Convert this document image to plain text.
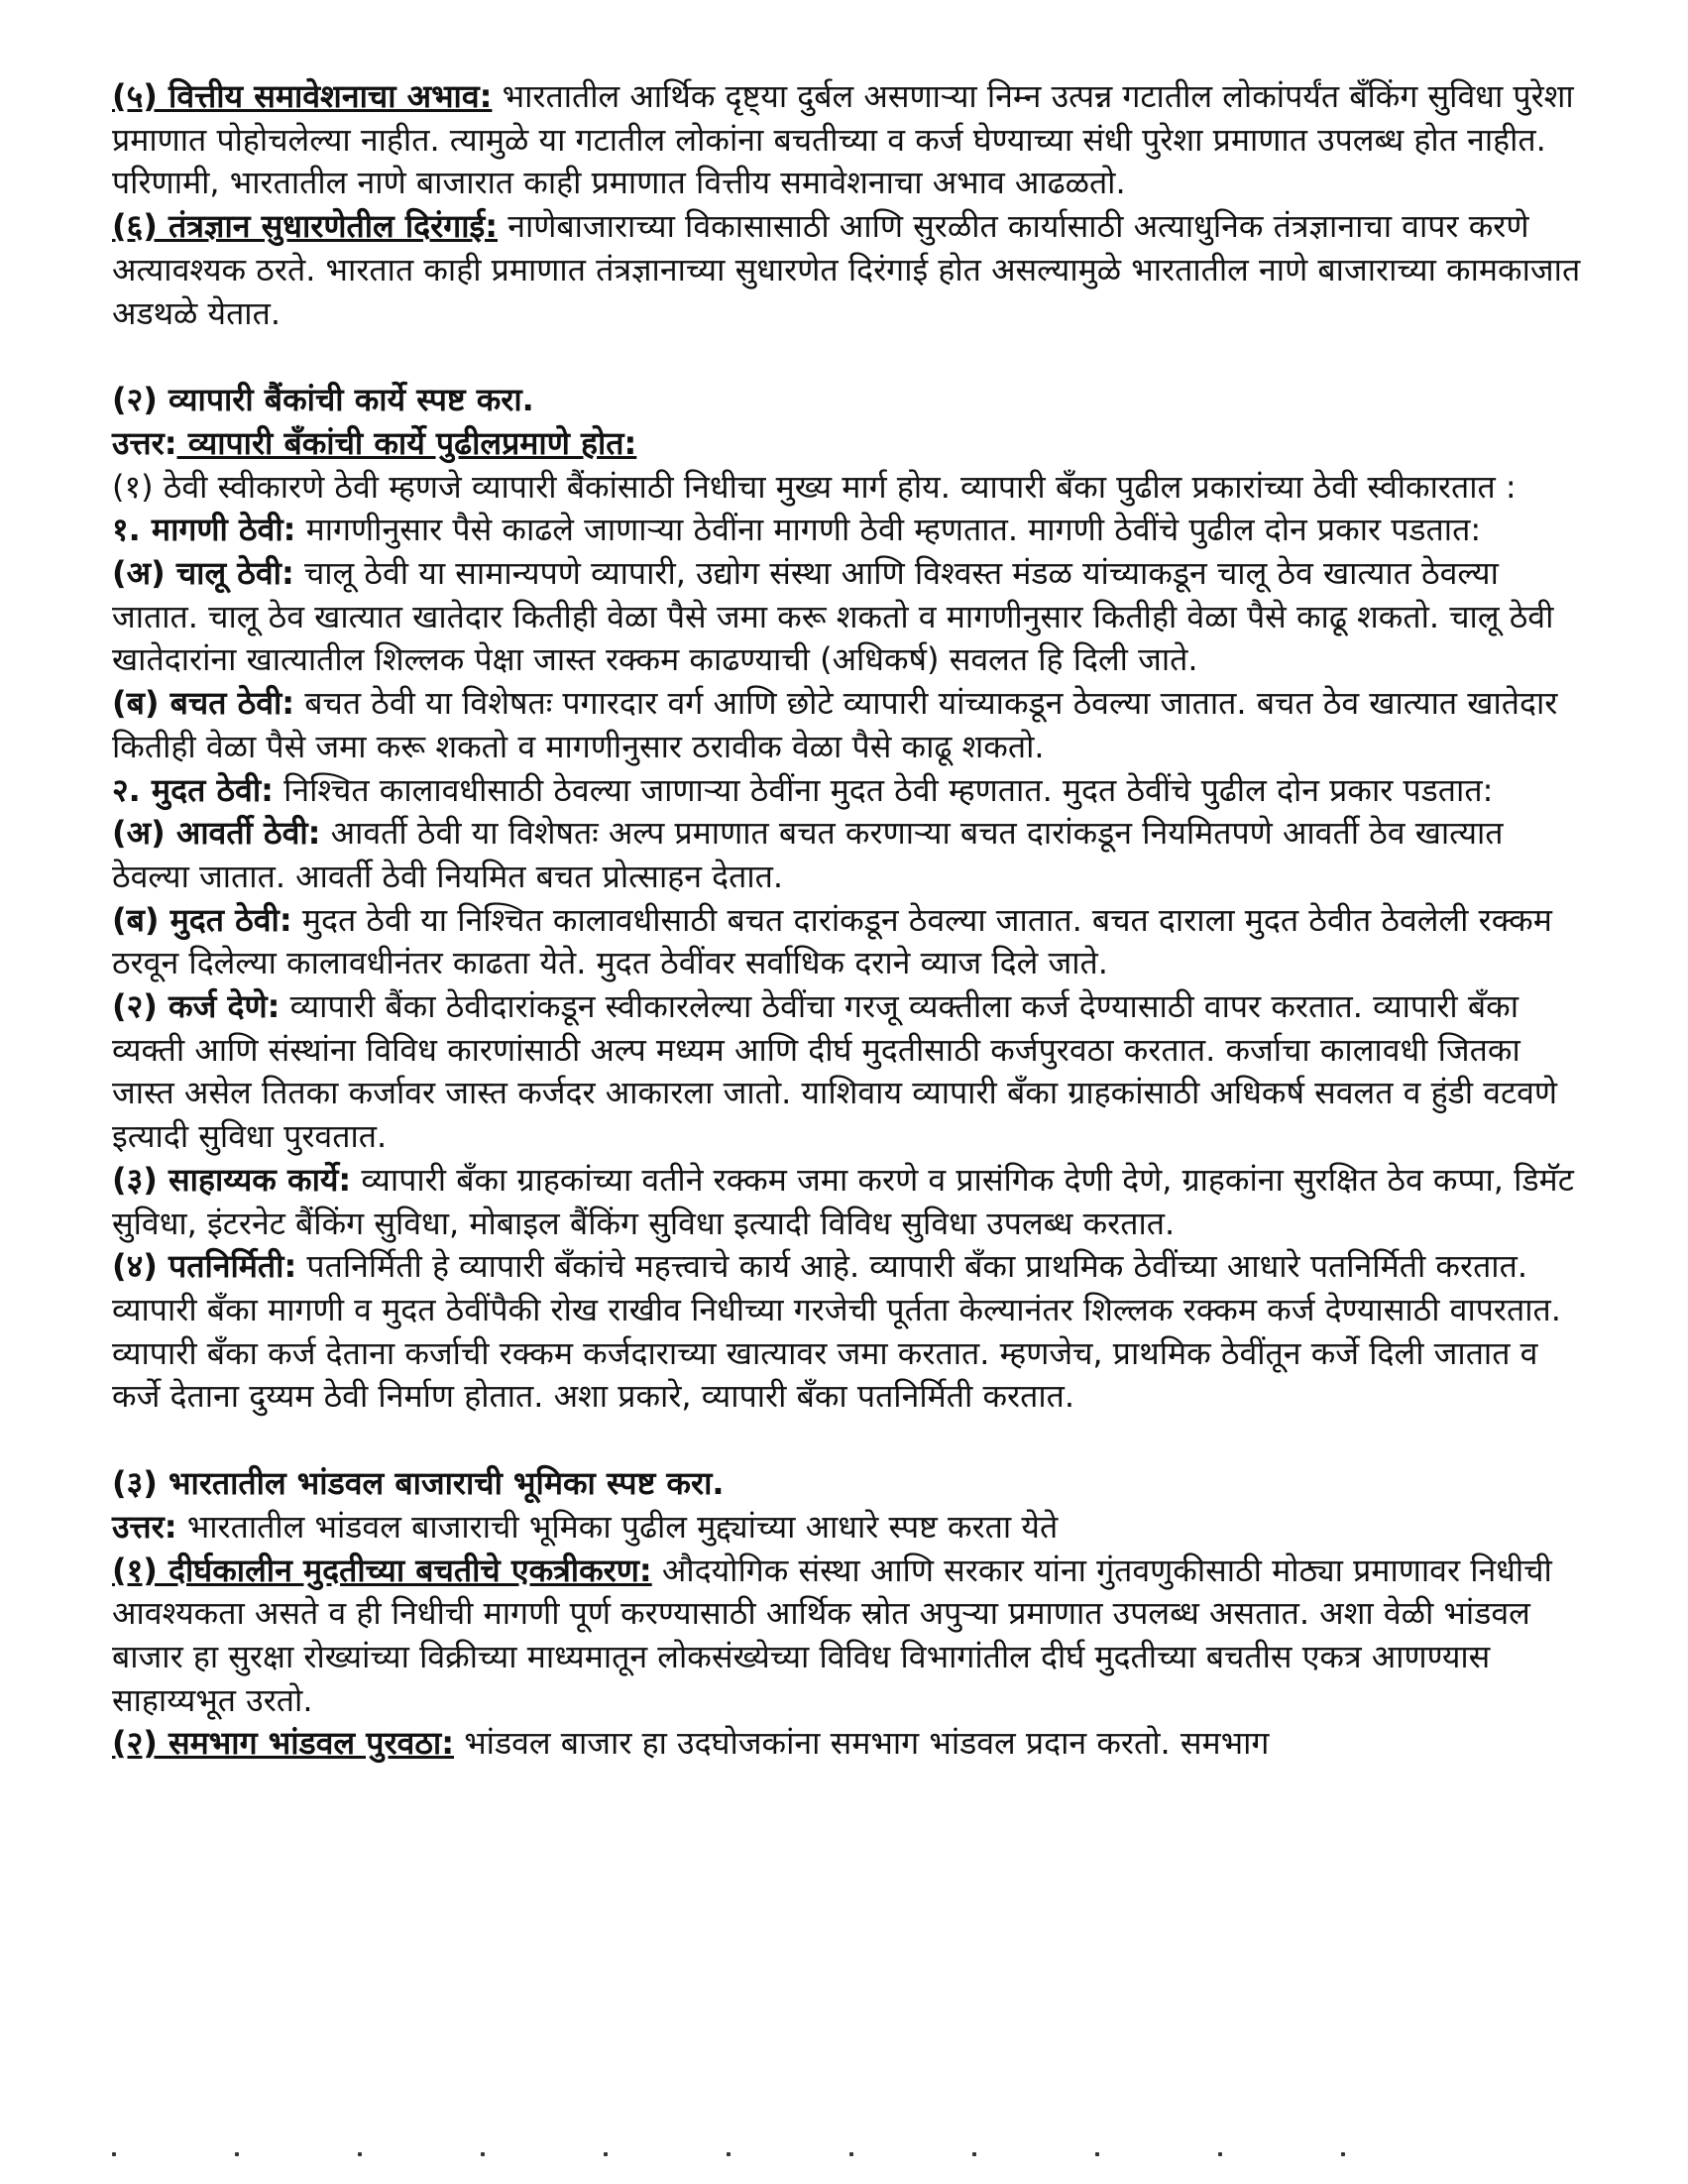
(५) वित्तीय समावेशनाचा अभाव: भारतातील आर्थिक दृष्ट्या दुर्बल असणाऱ्या निम्न उत्पन्न गटातील लोकांपर्यंत बँकिंग सुविधा पुरेशा प्रमाणात पोहोचलेल्या नाहीत. त्यामुळे या गटातील लोकांना बचतीच्या व कर्ज घेण्याच्या संधी पुरेशा प्रमाणात उपलब्ध होत नाहीत. परिणामी, भारतातील नाणे बाजारात काही प्रमाणात वित्तीय समावेशनाचा अभाव आढळतो.

(६) तंत्रज्ञान सुधारणेतील दिरंगाई: नाणेबाजाराच्या विकासासाठी आणि सुरळीत कार्यासाठी अत्याधुनिक तंत्रज्ञानाचा वापर करणे अत्यावश्यक ठरते. भारतात काही प्रमाणात तंत्रज्ञानाच्या सुधारणेत दिरंगाई होत असल्यामुळे भारतातील नाणे बाजाराच्या कामकाजात अडथळे येतात.

(२) व्यापारी बैंकांची कार्ये स्पष्ट करा.

उत्तर: व्यापारी बँकांची कार्ये पुढीलप्रमाणे होत:

(१) ठेवी स्वीकारणे ठेवी म्हणजे व्यापारी बैंकांसाठी निधीचा मुख्य मार्ग होय. व्यापारी बँका पुढील प्रकारांच्या ठेवी स्वीकारतात :

१. मागणी ठेवी: मागणीनुसार पैसे काढले जाणाऱ्या ठेवींना मागणी ठेवी म्हणतात. मागणी ठेवींचे पुढील दोन प्रकार पडतात:

(अ) चालू ठेवी: चालू ठेवी या सामान्यपणे व्यापारी, उद्योग संस्था आणि विश्वस्त मंडळ यांच्याकडून चालू ठेव खात्यात ठेवल्या जातात. चालू ठेव खात्यात खातेदार कितीही वेळा पैसे जमा करू शकतो व मागणीनुसार कितीही वेळा पैसे काढू शकतो. चालू ठेवी खातेदारांना खात्यातील शिल्लक पेक्षा जास्त रक्कम काढण्याची (अधिकर्ष) सवलत हि दिली जाते.

(ब) बचत ठेवी: बचत ठेवी या विशेषतः पगारदार वर्ग आणि छोटे व्यापारी यांच्याकडून ठेवल्या जातात. बचत ठेव खात्यात खातेदार कितीही वेळा पैसे जमा करू शकतो व मागणीनुसार ठरावीक वेळा पैसे काढू शकतो.

२. मुदत ठेवी: निश्चित कालावधीसाठी ठेवल्या जाणाऱ्या ठेवींना मुदत ठेवी म्हणतात. मुदत ठेवींचे पुढील दोन प्रकार पडतात:

(अ) आवर्ती ठेवी: आवर्ती ठेवी या विशेषतः अल्प प्रमाणात बचत करणाऱ्या बचत दारांकडून नियमितपणे आवर्ती ठेव खात्यात ठेवल्या जातात. आवर्ती ठेवी नियमित बचत प्रोत्साहन देतात.

(ब) मुदत ठेवी: मुदत ठेवी या निश्चित कालावधीसाठी बचत दारांकडून ठेवल्या जातात. बचत दाराला मुदत ठेवीत ठेवलेली रक्कम ठरवून दिलेल्या कालावधीनंतर काढता येते. मुदत ठेवींवर सर्वाधिक दराने व्याज दिले जाते.

(२) कर्ज देणे: व्यापारी बैंका ठेवीदारांकडून स्वीकारलेल्या ठेवींचा गरजू व्यक्तीला कर्ज देण्यासाठी वापर करतात. व्यापारी बँका व्यक्ती आणि संस्थांना विविध कारणांसाठी अल्प मध्यम आणि दीर्घ मुदतीसाठी कर्जपुरवठा करतात. कर्जाचा कालावधी जितका जास्त असेल तितका कर्जावर जास्त कर्जदर आकारला जातो. याशिवाय व्यापारी बँका ग्राहकांसाठी अधिकर्ष सवलत व हुंडी वटवणे इत्यादी सुविधा पुरवतात.

(३) साहाय्यक कार्ये: व्यापारी बँका ग्राहकांच्या वतीने रक्कम जमा करणे व प्रासंगिक देणी देणे, ग्राहकांना सुरक्षित ठेव कप्पा, डिमॅट सुविधा, इंटरनेट बैंकिंग सुविधा, मोबाइल बैंकिंग सुविधा इत्यादी विविध सुविधा उपलब्ध करतात.

(४) पतनिर्मिती: पतनिर्मिती हे व्यापारी बँकांचे महत्त्वाचे कार्य आहे. व्यापारी बँका प्राथमिक ठेवींच्या आधारे पतनिर्मिती करतात. व्यापारी बँका मागणी व मुदत ठेवींपैकी रोख राखीव निधीच्या गरजेची पूर्तता केल्यानंतर शिल्लक रक्कम कर्ज देण्यासाठी वापरतात.

व्यापारी बँका कर्ज देताना कर्जाची रक्कम कर्जदाराच्या खात्यावर जमा करतात. म्हणजेच, प्राथमिक ठेवींतून कर्जे दिली जातात व कर्जे देताना दुय्यम ठेवी निर्माण होतात. अशा प्रकारे, व्यापारी बँका पतनिर्मिती करतात.

(३) भारतातील भांडवल बाजाराची भूमिका स्पष्ट करा.

उत्तर: भारतातील भांडवल बाजाराची भूमिका पुढील मुद्द्यांच्या आधारे स्पष्ट करता येते

(१) दीर्घकालीन मुदतीच्या बचतीचे एकत्रीकरण: औदयोगिक संस्था आणि सरकार यांना गुंतवणुकीसाठी मोठ्या प्रमाणावर निधीची आवश्यकता असते व ही निधीची मागणी पूर्ण करण्यासाठी आर्थिक स्रोत अपुऱ्या प्रमाणात उपलब्ध असतात. अशा वेळी भांडवल बाजार हा सुरक्षा रोख्यांच्या विक्रीच्या माध्यमातून लोकसंख्येच्या विविध विभागांतील दीर्घ मुदतीच्या बचतीस एकत्र आणण्यास साहाय्यभूत उरतो.

(२) समभाग भांडवल पुरवठा: भांडवल बाजार हा उदघोजकांना समभाग भांडवल प्रदान करतो. समभाग
